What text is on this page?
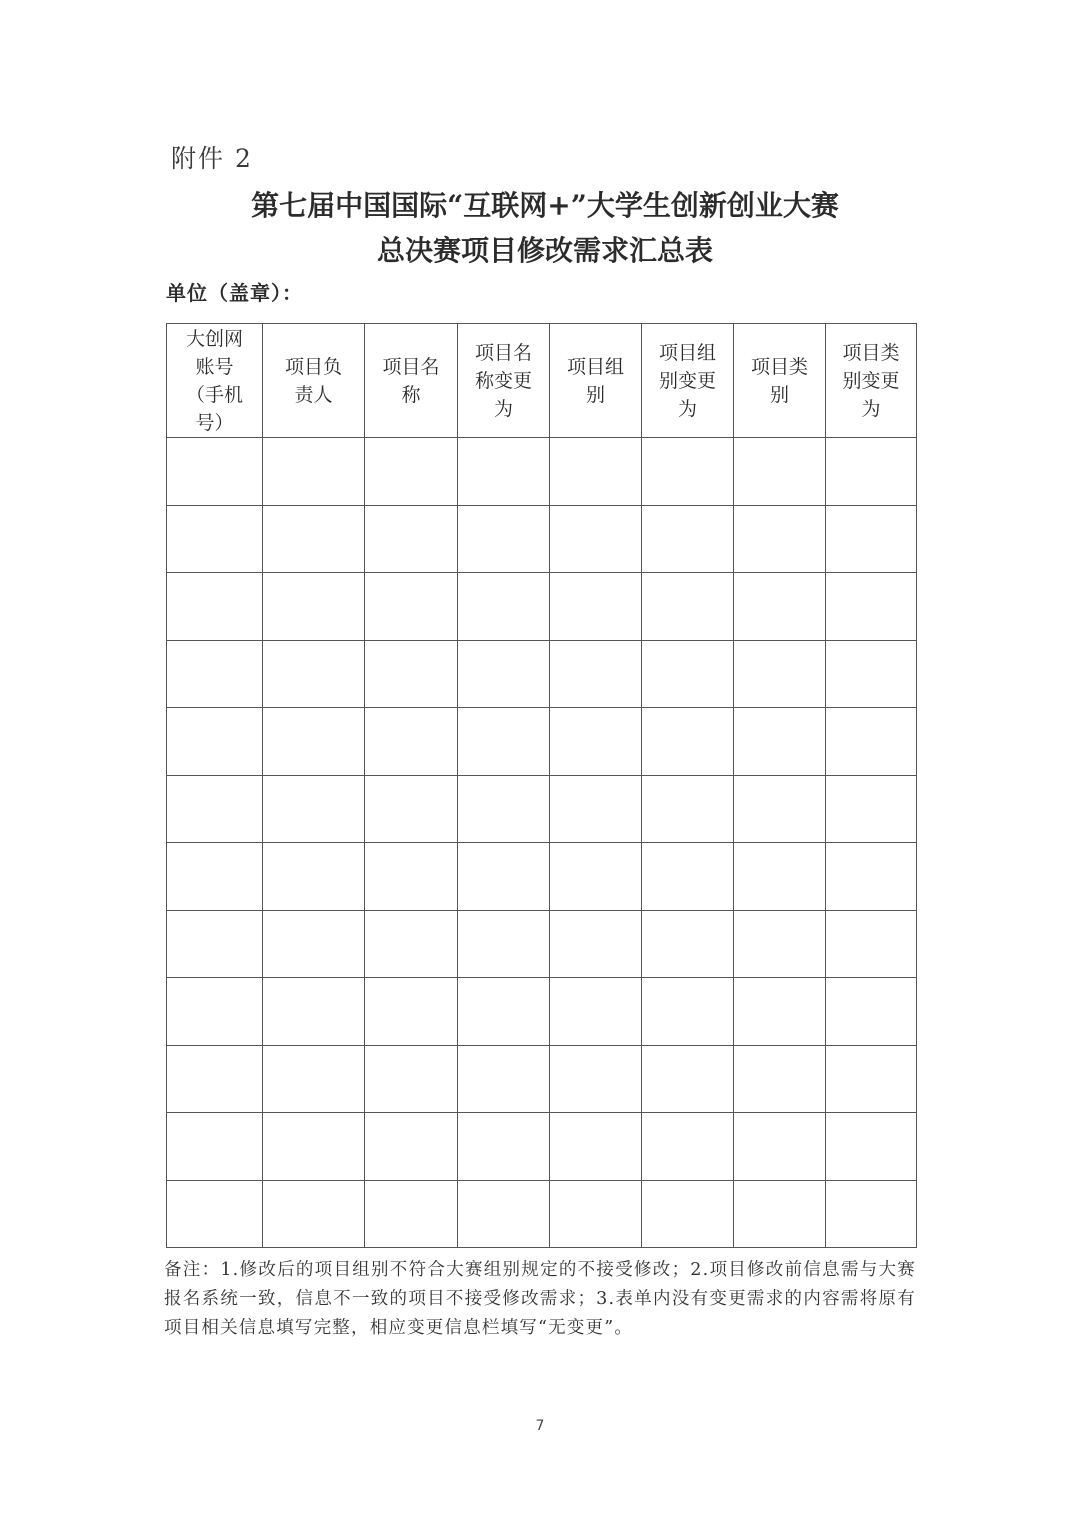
附件 2
第七届中国国际“互联网+”大学生创新创业大赛
总决赛项目修改需求汇总表
单位（盖章）：
大创网账号（手机号）	项目负责人	项目名称	项目名称变更为	项目组别	项目组别变更为	项目类别	项目类别变更为

备注：1.修改后的项目组别不符合大赛组别规定的不接受修改；2.项目修改前信息需与大赛报名系统一致，信息不一致的项目不接受修改需求；3.表单内没有变更需求的内容需将原有项目相关信息填写完整，相应变更信息栏填写“无变更”。
7
